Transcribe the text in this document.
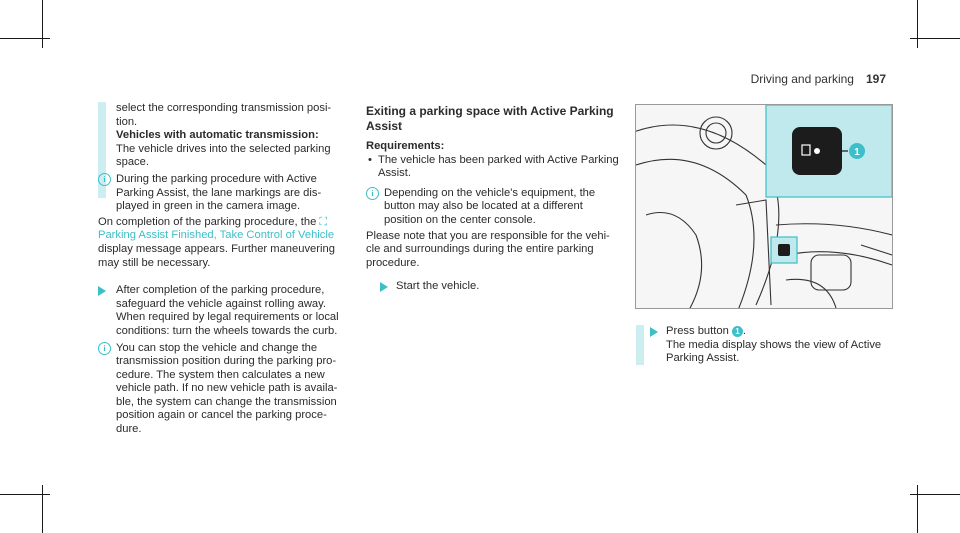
Driving and parking 197

select the corresponding transmission posi-tion.

Vehicles with automatic transmission:

The vehicle drives into the selected parking space.

i During the parking procedure with Active Parking Assist, the lane markings are dis-played in green in the camera image.

On completion of the parking procedure, the ⛶ Parking Assist Finished, Take Control of Vehicle display message appears. Further maneuvering may still be necessary.

After completion of the parking procedure, safeguard the vehicle against rolling away. When required by legal requirements or local conditions: turn the wheels towards the curb.
i You can stop the vehicle and change the transmission position during the parking pro-cedure. The system then calculates a new vehicle path. If no new vehicle path is availa-ble, the system can change the transmission position again or cancel the parking proce-dure.

Exiting a parking space with Active Parking Assist

Requirements:

• The vehicle has been parked with Active Parking Assist.
i Depending on the vehicle's equipment, the button may also be located at a different position on the center console.

Please note that you are responsible for the vehi-cle and surroundings during the entire parking procedure.

Start the vehicle.
1
Press button 1 .
The media display shows the view of Active Parking Assist.
